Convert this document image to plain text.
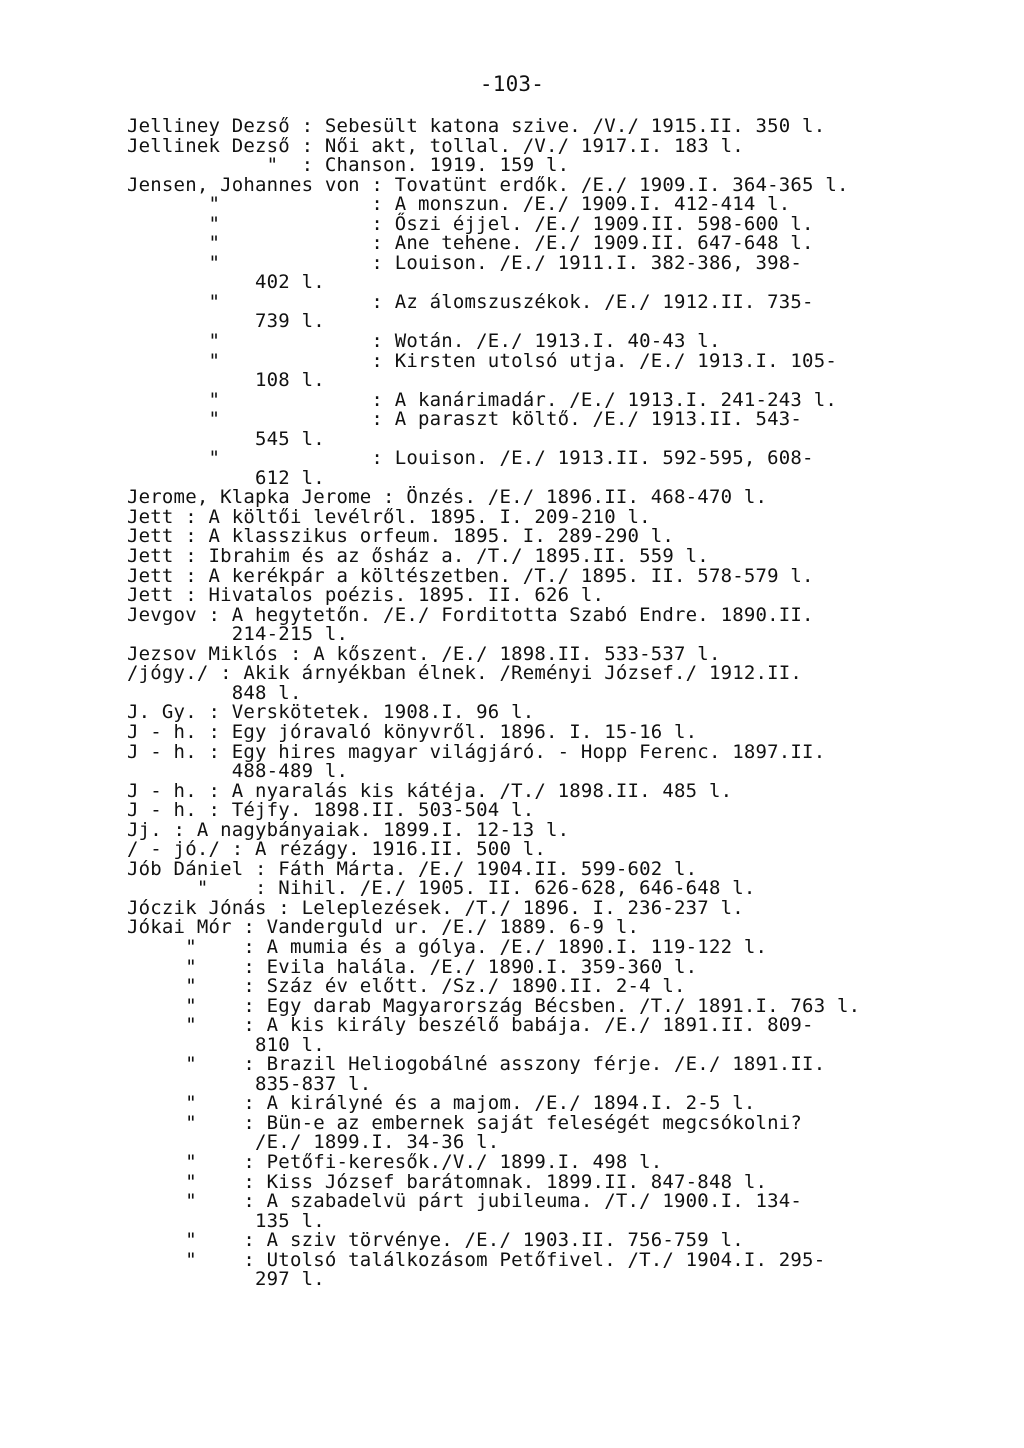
-103-
Jelliney Dezső : Sebesült katona szive. /V./ 1915.II. 350 l.
Jellinek Dezső : Női akt, tollal. /V./ 1917.I. 183 l.
"  : Chanson. 1919. 159 l.
Jensen, Johannes von : Tovatünt erdők. /E./ 1909.I. 364-365 l.
"             : A monszun. /E./ 1909.I. 412-414 l.
"             : Őszi éjjel. /E./ 1909.II. 598-600 l.
"             : Ane tehene. /E./ 1909.II. 647-648 l.
"             : Louison. /E./ 1911.I. 382-386, 398-
402 l.
"             : Az álomszuszékok. /E./ 1912.II. 735-
739 l.
"             : Wotán. /E./ 1913.I. 40-43 l.
"             : Kirsten utolsó utja. /E./ 1913.I. 105-
108 l.
"             : A kanárimadár. /E./ 1913.I. 241-243 l.
"             : A paraszt költő. /E./ 1913.II. 543-
545 l.
"             : Louison. /E./ 1913.II. 592-595, 608-
612 l.
Jerome, Klapka Jerome : Önzés. /E./ 1896.II. 468-470 l.
Jett : A költői levélről. 1895. I. 209-210 l.
Jett : A klasszikus orfeum. 1895. I. 289-290 l.
Jett : Ibrahim és az ősház a. /T./ 1895.II. 559 l.
Jett : A kerékpár a költészetben. /T./ 1895. II. 578-579 l.
Jett : Hivatalos poézis. 1895. II. 626 l.
Jevgov : A hegytetőn. /E./ Forditotta Szabó Endre. 1890.II.
214-215 l.
Jezsov Miklós : A kőszent. /E./ 1898.II. 533-537 l.
/jógy./ : Akik árnyékban élnek. /Reményi József./ 1912.II.
848 l.
J. Gy. : Verskötetek. 1908.I. 96 l.
J - h. : Egy jóravaló könyvről. 1896. I. 15-16 l.
J - h. : Egy hires magyar világjáró. - Hopp Ferenc. 1897.II.
488-489 l.
J - h. : A nyaralás kis kátéja. /T./ 1898.II. 485 l.
J - h. : Téjfy. 1898.II. 503-504 l.
Jj. : A nagybányaiak. 1899.I. 12-13 l.
/ - jó./ : A rézágy. 1916.II. 500 l.
Jób Dániel : Fáth Márta. /E./ 1904.II. 599-602 l.
"    : Nihil. /E./ 1905. II. 626-628, 646-648 l.
Jóczik Jónás : Leleplezések. /T./ 1896. I. 236-237 l.
Jókai Mór : Vanderguld ur. /E./ 1889. 6-9 l.
"    : A mumia és a gólya. /E./ 1890.I. 119-122 l.
"    : Evila halála. /E./ 1890.I. 359-360 l.
"    : Száz év előtt. /Sz./ 1890.II. 2-4 l.
"    : Egy darab Magyarország Bécsben. /T./ 1891.I. 763 l.
"    : A kis király beszélő babája. /E./ 1891.II. 809-
810 l.
"    : Brazil Heliogobálné asszony férje. /E./ 1891.II.
835-837 l.
"    : A királyné és a majom. /E./ 1894.I. 2-5 l.
"    : Bün-e az embernek saját feleségét megcsókolni?
/E./ 1899.I. 34-36 l.
"    : Petőfi-keresők./V./ 1899.I. 498 l.
"    : Kiss József barátomnak. 1899.II. 847-848 l.
"    : A szabadelvü párt jubileuma. /T./ 1900.I. 134-
135 l.
"    : A sziv törvénye. /E./ 1903.II. 756-759 l.
"    : Utolsó találkozásom Petőfivel. /T./ 1904.I. 295-
297 l.
